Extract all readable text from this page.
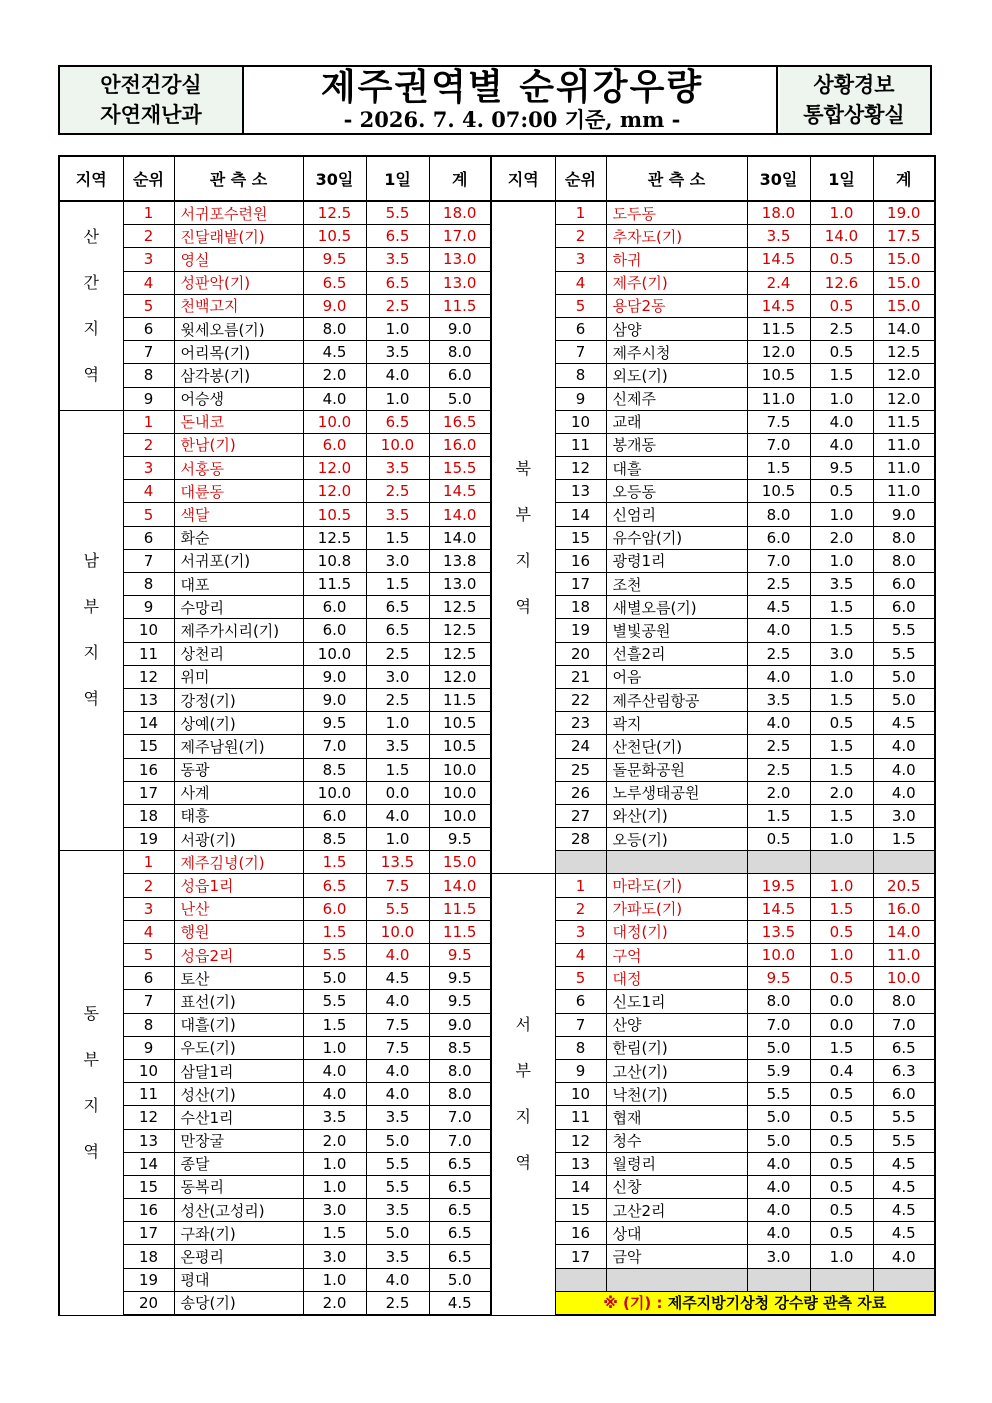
안전건강실
자연재난과
제주권역별 순위강우량
- 2026. 7. 4. 07:00 기준, mm -
상황경보
통합상황실
지역	순위	관 측 소	30일	1일	계	지역	순위	관 측 소	30일	1일	계
산간지역	1	서귀포수련원	12.5	5.5	18.0	북부지역	1	도두동	18.0	1.0	19.0
	2	진달래밭(기)	10.5	6.5	17.0		2	추자도(기)	3.5	14.0	17.5
	3	영실	9.5	3.5	13.0		3	하귀	14.5	0.5	15.0
	4	성판악(기)	6.5	6.5	13.0		4	제주(기)	2.4	12.6	15.0
	5	천백고지	9.0	2.5	11.5		5	용담2동	14.5	0.5	15.0
	6	윗세오름(기)	8.0	1.0	9.0		6	삼양	11.5	2.5	14.0
	7	어리목(기)	4.5	3.5	8.0		7	제주시청	12.0	0.5	12.5
	8	삼각봉(기)	2.0	4.0	6.0		8	외도(기)	10.5	1.5	12.0
	9	어승생	4.0	1.0	5.0		9	신제주	11.0	1.0	12.0
남부지역	1	돈내코	10.0	6.5	16.5		10	교래	7.5	4.0	11.5
	2	한남(기)	6.0	10.0	16.0		11	봉개동	7.0	4.0	11.0
	3	서홍동	12.0	3.5	15.5		12	대흘	1.5	9.5	11.0
	4	대륜동	12.0	2.5	14.5		13	오등동	10.5	0.5	11.0
	5	색달	10.5	3.5	14.0		14	신엄리	8.0	1.0	9.0
	6	화순	12.5	1.5	14.0		15	유수암(기)	6.0	2.0	8.0
	7	서귀포(기)	10.8	3.0	13.8		16	광령1리	7.0	1.0	8.0
	8	대포	11.5	1.5	13.0		17	조천	2.5	3.5	6.0
	9	수망리	6.0	6.5	12.5		18	새별오름(기)	4.5	1.5	6.0
	10	제주가시리(기)	6.0	6.5	12.5		19	별빛공원	4.0	1.5	5.5
	11	상천리	10.0	2.5	12.5		20	선흘2리	2.5	3.0	5.5
	12	위미	9.0	3.0	12.0		21	어음	4.0	1.0	5.0
	13	강정(기)	9.0	2.5	11.5		22	제주산림항공	3.5	1.5	5.0
	14	상예(기)	9.5	1.0	10.5		23	곽지	4.0	0.5	4.5
	15	제주남원(기)	7.0	3.5	10.5		24	산천단(기)	2.5	1.5	4.0
	16	동광	8.5	1.5	10.0		25	돌문화공원	2.5	1.5	4.0
	17	사계	10.0	0.0	10.0		26	노루생태공원	2.0	2.0	4.0
	18	태흥	6.0	4.0	10.0		27	와산(기)	1.5	1.5	3.0
	19	서광(기)	8.5	1.0	9.5		28	오등(기)	0.5	1.0	1.5
동부지역	1	제주김녕(기)	1.5	13.5	15.0						
	2	성읍1리	6.5	7.5	14.0	서부지역	1	마라도(기)	19.5	1.0	20.5
	3	난산	6.0	5.5	11.5		2	가파도(기)	14.5	1.5	16.0
	4	행원	1.5	10.0	11.5		3	대정(기)	13.5	0.5	14.0
	5	성읍2리	5.5	4.0	9.5		4	구억	10.0	1.0	11.0
	6	토산	5.0	4.5	9.5		5	대정	9.5	0.5	10.0
	7	표선(기)	5.5	4.0	9.5		6	신도1리	8.0	0.0	8.0
	8	대흘(기)	1.5	7.5	9.0		7	산양	7.0	0.0	7.0
	9	우도(기)	1.0	7.5	8.5		8	한림(기)	5.0	1.5	6.5
	10	삼달1리	4.0	4.0	8.0		9	고산(기)	5.9	0.4	6.3
	11	성산(기)	4.0	4.0	8.0		10	낙천(기)	5.5	0.5	6.0
	12	수산1리	3.5	3.5	7.0		11	협재	5.0	0.5	5.5
	13	만장굴	2.0	5.0	7.0		12	청수	5.0	0.5	5.5
	14	종달	1.0	5.5	6.5		13	월령리	4.0	0.5	4.5
	15	동복리	1.0	5.5	6.5		14	신창	4.0	0.5	4.5
	16	성산(고성리)	3.0	3.5	6.5		15	고산2리	4.0	0.5	4.5
	17	구좌(기)	1.5	5.0	6.5		16	상대	4.0	0.5	4.5
	18	온평리	3.0	3.5	6.5		17	금악	3.0	1.0	4.0
	19	평대	1.0	4.0	5.0						
	20	송당(기)	2.0	2.5	4.5		※ (기) : 제주지방기상청 강수량 관측 자료				
